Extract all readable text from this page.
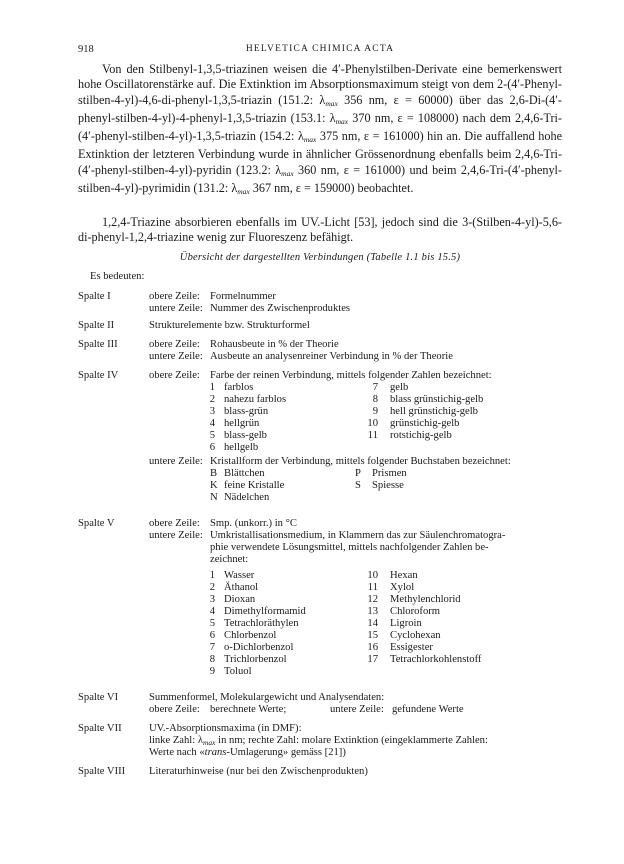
918	HELVETICA CHIMICA ACTA
Von den Stilbenyl-1,3,5-triazinen weisen die 4′-Phenylstilben-Derivate eine bemerkenswert hohe Oscillatorenstärke auf. Die Extinktion im Absorptionsmaximum steigt von dem 2-(4′-Phenyl-stilben-4-yl)-4,6-di-phenyl-1,3,5-triazin (151.2: $\lambda_{max}$ 356 nm, ε = 60000) über das 2,6-Di-(4′-phenyl-stilben-4-yl)-4-phenyl-1,3,5-triazin (153.1: $\lambda_{max}$ 370 nm, ε = 108000) nach dem 2,4,6-Tri-(4′-phenyl-stilben-4-yl)-1,3,5-triazin (154.2: $\lambda_{max}$ 375 nm, ε = 161000) hin an. Die auffallend hohe Extinktion der letzteren Verbindung wurde in ähnlicher Grössenordnung ebenfalls beim 2,4,6-Tri-(4′-phenyl-stilben-4-yl)-pyridin (123.2: $\lambda_{max}$ 360 nm, ε = 161000) und beim 2,4,6-Tri-(4′-phenyl-stilben-4-yl)-pyrimidin (131.2: $\lambda_{max}$ 367 nm, ε = 159000) beobachtet.
1,2,4-Triazine absorbieren ebenfalls im UV.-Licht [53], jedoch sind die 3-(Stilben-4-yl)-5,6-di-phenyl-1,2,4-triazine wenig zur Fluoreszenz befähigt.
Übersicht der dargestellten Verbindungen (Tabelle 1.1 bis 15.5)
Es bedeuten:
Spalte I	obere Zeile: Formelnummer
untere Zeile: Nummer des Zwischenproduktes
Spalte II	Strukturelemente bzw. Strukturformel
Spalte III	obere Zeile: Rohausbeute in % der Theorie
untere Zeile: Ausbeute an analysenreiner Verbindung in % der Theorie
Spalte IV	obere Zeile: Farbe der reinen Verbindung, mittels folgender Zahlen bezeichnet:
1 farblos
2 nahezu farblos
3 blass-grün
4 hellgrün
5 blass-gelb
6 hellgelb
7 gelb
8 blass grünstichig-gelb
9 hell grünstichig-gelb
10 grünstichig-gelb
11 rotstichig-gelb
untere Zeile: Kristallform der Verbindung, mittels folgender Buchstaben bezeichnet:
B Blättchen
K feine Kristalle
N Nädelchen
P Prismen
S Spiesse
Spalte V	obere Zeile: Smp. (unkorr.) in °C
untere Zeile: Umkristallisationsmedium, in Klammern das zur Säulenchromatogra-
phie verwendete Lösungsmittel, mittels nachfolgender Zahlen be-
zeichnet:
1 Wasser
2 Äthanol
3 Dioxan
4 Dimethylformamid
5 Tetrachloräthylen
6 Chlorbenzol
7 o-Dichlorbenzol
8 Trichlorbenzol
9 Toluol
10 Hexan
11 Xylol
12 Methylenchlorid
13 Chloroform
14 Ligroin
15 Cyclohexan
16 Essigester
17 Tetrachlorkohlenstoff
Spalte VI	Summenformel, Molekulargewicht und Analysendaten:
obere Zeile: berechnete Werte;	untere Zeile: gefundene Werte
Spalte VII	UV.-Absorptionsmaxima (in DMF):
linke Zahl: $\lambda_{max}$ in nm; rechte Zahl: molare Extinktion (eingeklammerte Zahlen:
Werte nach «trans-Umlagerung» gemäss [21])
Spalte VIII Literaturhinweise (nur bei den Zwischenprodukten)
